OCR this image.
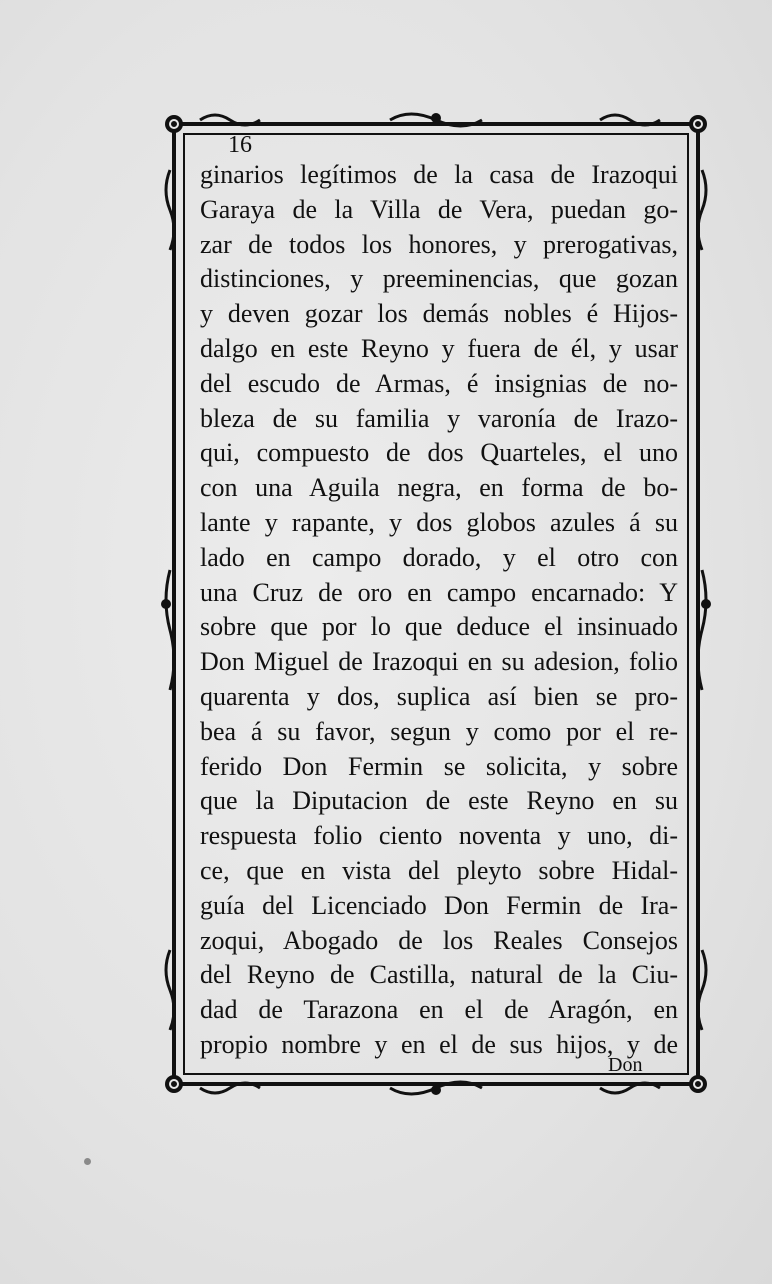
16
ginarios legítimos de la casa de Irazoqui
Garaya de la Villa de Vera, puedan go-
zar de todos los honores, y prerogativas,
distinciones, y preeminencias, que gozan
y deven gozar los demás nobles é Hijos-
dalgo en este Reyno y fuera de él, y usar
del escudo de Armas, é insignias de no-
bleza de su familia y varonía de Irazo-
qui, compuesto de dos Quarteles, el uno
con una Aguila negra, en forma de bo-
lante y rapante, y dos globos azules á su
lado en campo dorado, y el otro con
una Cruz de oro en campo encarnado: Y
sobre que por lo que deduce el insinuado
Don Miguel de Irazoqui en su adesion, folio
quarenta y dos, suplica así bien se pro-
bea á su favor, segun y como por el re-
ferido Don Fermin se solicita, y sobre
que la Diputacion de este Reyno en su
respuesta folio ciento noventa y uno, di-
ce, que en vista del pleyto sobre Hidal-
guía del Licenciado Don Fermin de Ira-
zoqui, Abogado de los Reales Consejos
del Reyno de Castilla, natural de la Ciu-
dad de Tarazona en el de Aragón, en
propio nombre y en el de sus hijos, y de
Don
